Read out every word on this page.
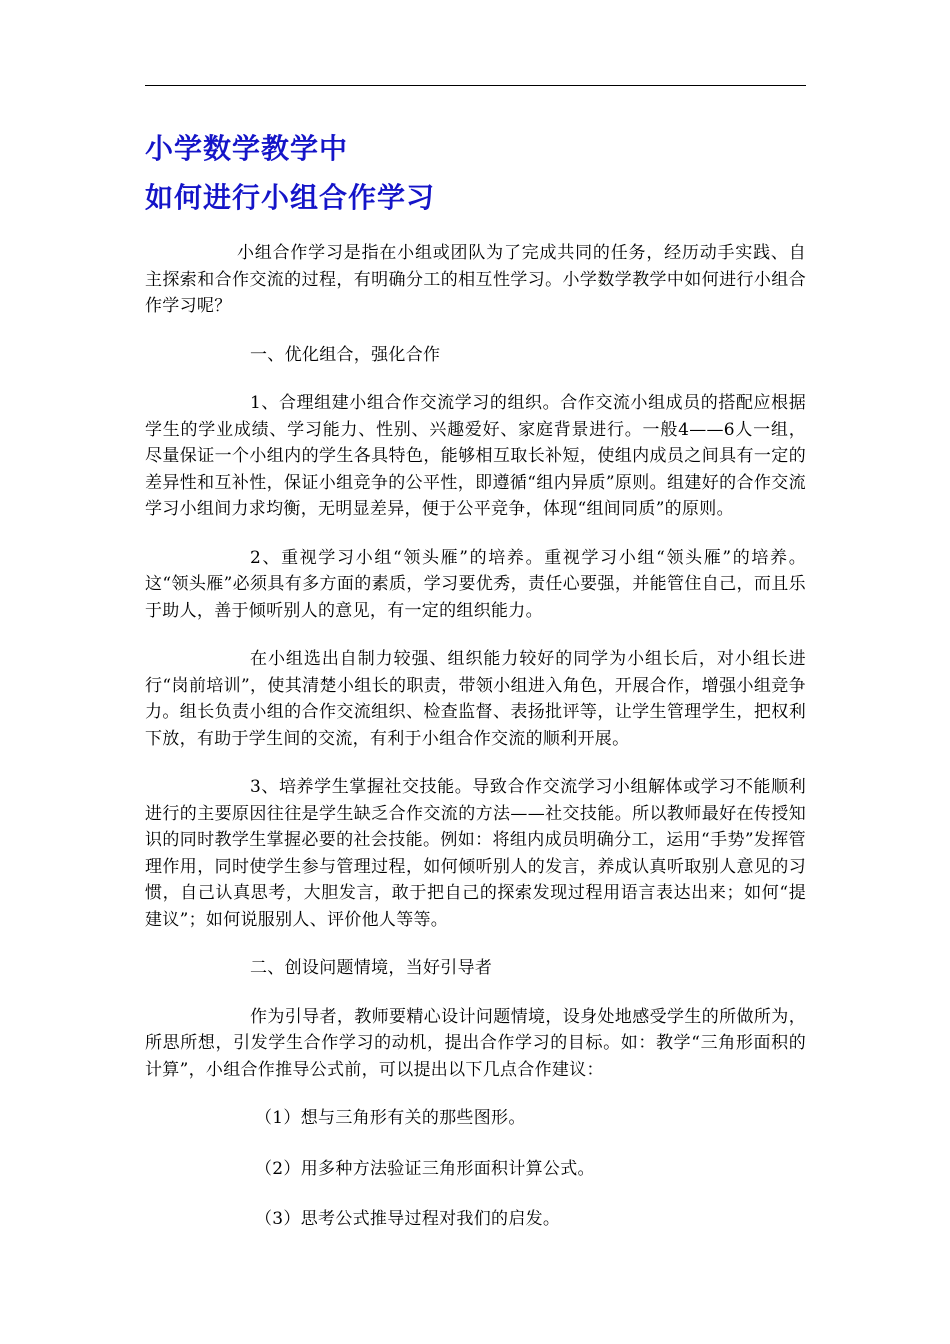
小学数学教学中
如何进行小组合作学习

小组合作学习是指在小组或团队为了完成共同的任务，经历动手实践、自主探索和合作交流的过程，有明确分工的相互性学习。小学数学教学中如何进行小组合作学习呢？

一、优化组合，强化合作

1、合理组建小组合作交流学习的组织。合作交流小组成员的搭配应根据学生的学业成绩、学习能力、性别、兴趣爱好、家庭背景进行。一般4——6人一组，尽量保证一个小组内的学生各具特色，能够相互取长补短，使组内成员之间具有一定的差异性和互补性，保证小组竞争的公平性，即遵循“组内异质”原则。组建好的合作交流学习小组间力求均衡，无明显差异，便于公平竞争，体现“组间同质”的原则。

2、重视学习小组“领头雁”的培养。重视学习小组“领头雁”的培养。这“领头雁”必须具有多方面的素质，学习要优秀，责任心要强，并能管住自己，而且乐于助人，善于倾听别人的意见，有一定的组织能力。

在小组选出自制力较强、组织能力较好的同学为小组长后，对小组长进行“岗前培训”，使其清楚小组长的职责，带领小组进入角色，开展合作，增强小组竞争力。组长负责小组的合作交流组织、检查监督、表扬批评等，让学生管理学生，把权利下放，有助于学生间的交流，有利于小组合作交流的顺利开展。

3、培养学生掌握社交技能。导致合作交流学习小组解体或学习不能顺利进行的主要原因往往是学生缺乏合作交流的方法——社交技能。所以教师最好在传授知识的同时教学生掌握必要的社会技能。例如：将组内成员明确分工，运用“手势”发挥管理作用，同时使学生参与管理过程，如何倾听别人的发言，养成认真听取别人意见的习惯，自己认真思考，大胆发言，敢于把自己的探索发现过程用语言表达出来；如何“提建议”；如何说服别人、评价他人等等。

二、创设问题情境，当好引导者

作为引导者，教师要精心设计问题情境，设身处地感受学生的所做所为，所思所想，引发学生合作学习的动机，提出合作学习的目标。如：教学“三角形面积的计算”，小组合作推导公式前，可以提出以下几点合作建议：

（1）想与三角形有关的那些图形。

（2）用多种方法验证三角形面积计算公式。

（3）思考公式推导过程对我们的启发。
